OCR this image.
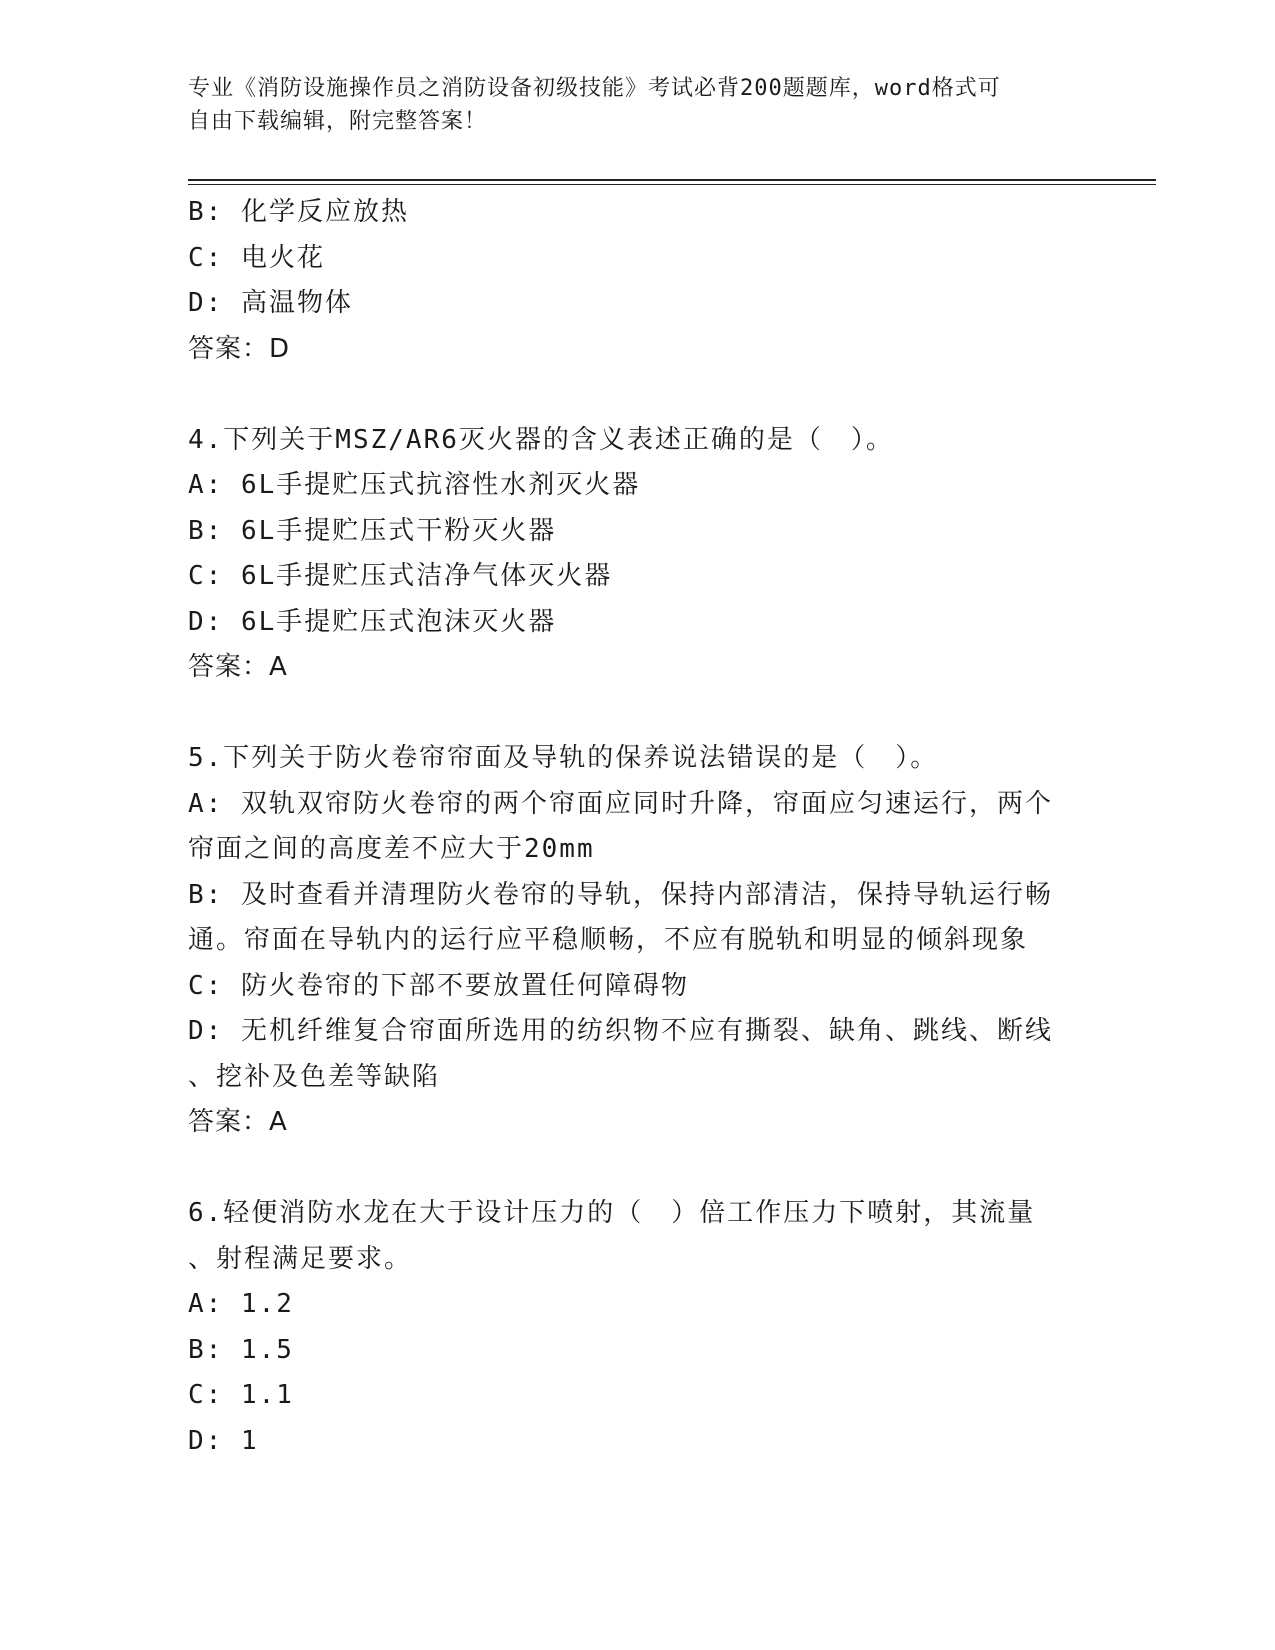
专业《消防设施操作员之消防设备初级技能》考试必背200题题库，word格式可
自由下载编辑，附完整答案！
B: 化学反应放热
C: 电火花
D: 高温物体
答案：D
4.下列关于MSZ/AR6灭火器的含义表述正确的是（　）。
A: 6L手提贮压式抗溶性水剂灭火器
B: 6L手提贮压式干粉灭火器
C: 6L手提贮压式洁净气体灭火器
D: 6L手提贮压式泡沫灭火器
答案：A
5.下列关于防火卷帘帘面及导轨的保养说法错误的是（　）。
A: 双轨双帘防火卷帘的两个帘面应同时升降，帘面应匀速运行，两个
帘面之间的高度差不应大于20mm
B: 及时查看并清理防火卷帘的导轨，保持内部清洁，保持导轨运行畅
通。帘面在导轨内的运行应平稳顺畅，不应有脱轨和明显的倾斜现象
C: 防火卷帘的下部不要放置任何障碍物
D: 无机纤维复合帘面所选用的纺织物不应有撕裂、缺角、跳线、断线
、挖补及色差等缺陷
答案：A
6.轻便消防水龙在大于设计压力的（　）倍工作压力下喷射，其流量
、射程满足要求。
A: 1.2
B: 1.5
C: 1.1
D: 1
